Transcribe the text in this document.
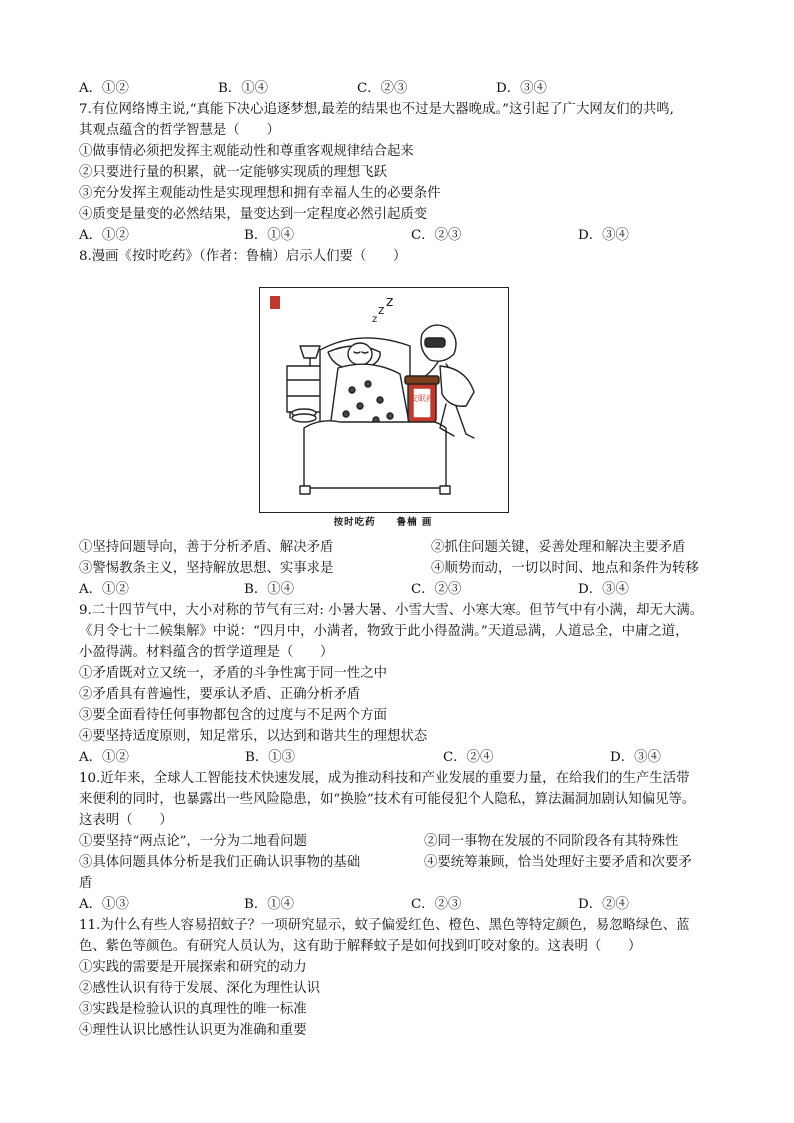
A．①②	B．①④	C．②③	D．③④
7.有位网络博主说,“真能下决心追逐梦想,最差的结果也不过是大器晚成。”这引起了广大网友们的共鸣,
其观点蕴含的哲学智慧是（　　）
①做事情必须把发挥主观能动性和尊重客观规律结合起来
②只要进行量的积累，就一定能够实现质的理想飞跃
③充分发挥主观能动性是实现理想和拥有幸福人生的必要条件
④质变是量变的必然结果，量变达到一定程度必然引起质变
A．①②	B．①④	C．②③	D．③④
8.漫画《按时吃药》（作者：鲁楠）启示人们要（　　）
z
z z
安眠药
按时吃药　　鲁楠 画
①坚持问题导向，善于分析矛盾、解决矛盾	②抓住问题关键，妥善处理和解决主要矛盾
③警惕教条主义，坚持解放思想、实事求是	④顺势而动，一切以时间、地点和条件为转移
A．①②	B．①④	C．②③	D．③④
9.二十四节气中，大小对称的节气有三对: 小暑大暑、小雪大雪、小寒大寒。但节气中有小满，却无大满。
《月令七十二候集解》中说：“四月中，小满者，物致于此小得盈满。”天道忌满，人道忌全，中庸之道，
小盈得满。材料蕴含的哲学道理是（　　）
①矛盾既对立又统一，矛盾的斗争性寓于同一性之中
②矛盾具有普遍性，要承认矛盾、正确分析矛盾
③要全面看待任何事物都包含的过度与不足两个方面
④要坚持适度原则，知足常乐，以达到和谐共生的理想状态
A．①②	B．①③	C．②④	D．③④
10.近年来，全球人工智能技术快速发展，成为推动科技和产业发展的重要力量，在给我们的生产生活带
来便利的同时，也暴露出一些风险隐患，如“换脸”技术有可能侵犯个人隐私，算法漏洞加剧认知偏见等。
这表明（　　）
①要坚持“两点论”，一分为二地看问题	②同一事物在发展的不同阶段各有其特殊性
③具体问题具体分析是我们正确认识事物的基础	④要统筹兼顾，恰当处理好主要矛盾和次要矛
盾
A．①③	B．①④	C．②③	D．②④
11.为什么有些人容易招蚊子？一项研究显示，蚊子偏爱红色、橙色、黑色等特定颜色，易忽略绿色、蓝
色、紫色等颜色。有研究人员认为，这有助于解释蚊子是如何找到叮咬对象的。这表明（　　）
①实践的需要是开展探索和研究的动力
②感性认识有待于发展、深化为理性认识
③实践是检验认识的真理性的唯一标准
④理性认识比感性认识更为准确和重要
